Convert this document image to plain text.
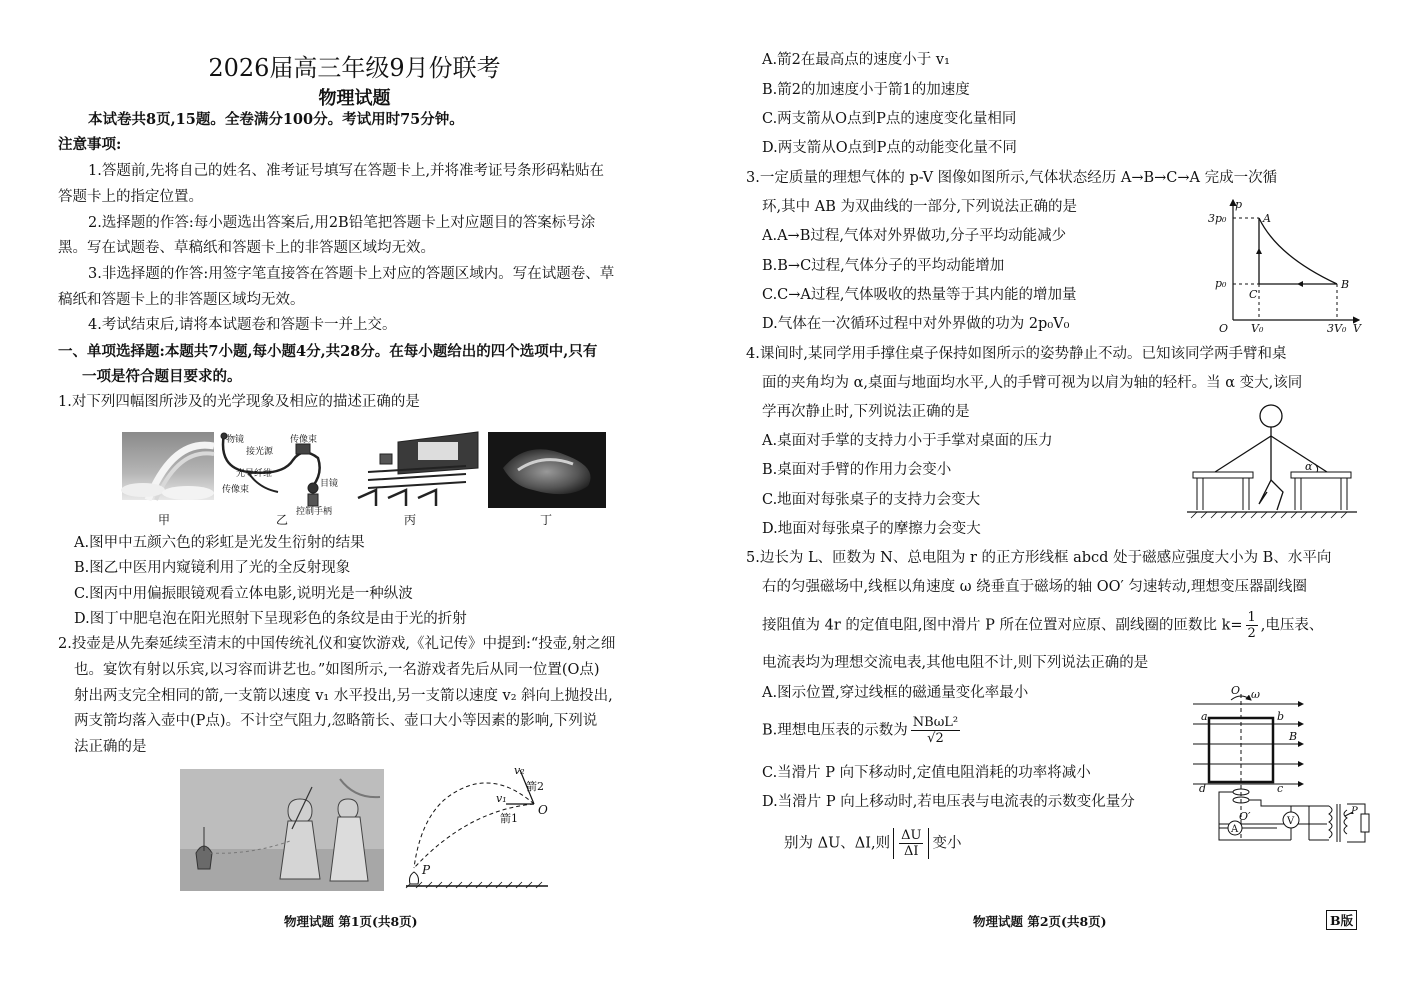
2026届高三年级9月份联考
物理试题
本试卷共8页,15题。全卷满分100分。考试用时75分钟。
注意事项:
1.答题前,先将自己的姓名、准考证号填写在答题卡上,并将准考证号条形码粘贴在
答题卡上的指定位置。
2.选择题的作答:每小题选出答案后,用2B铅笔把答题卡上对应题目的答案标号涂
黑。写在试题卷、草稿纸和答题卡上的非答题区域均无效。
3.非选择题的作答:用签字笔直接答在答题卡上对应的答题区域内。写在试题卷、草
稿纸和答题卡上的非答题区域均无效。
4.考试结束后,请将本试题卷和答题卡一并上交。
一、单项选择题:本题共7小题,每小题4分,共28分。在每小题给出的四个选项中,只有
一项是符合题目要求的。
1.对下列四幅图所涉及的光学现象及相应的描述正确的是
物镜
接光源
光导纤维
传像束
传像束
目镜
控制手柄
甲	乙	丙	丁
A.图甲中五颜六色的彩虹是光发生衍射的结果
B.图乙中医用内窥镜利用了光的全反射现象
C.图丙中用偏振眼镜观看立体电影,说明光是一种纵波
D.图丁中肥皂泡在阳光照射下呈现彩色的条纹是由于光的折射
2.投壶是从先秦延续至清末的中国传统礼仪和宴饮游戏,《礼记传》中提到:“投壶,射之细
也。宴饮有射以乐宾,以习容而讲艺也。”如图所示,一名游戏者先后从同一位置(O点)
射出两支完全相同的箭,一支箭以速度 v₁ 水平投出,另一支箭以速度 v₂ 斜向上抛投出,
两支箭均落入壶中(P点)。不计空气阻力,忽略箭长、壶口大小等因素的影响,下列说
法正确的是
v₂
箭2
v₁
O
箭1
P
物理试题 第1页(共8页)
A.箭2在最高点的速度小于 v₁
B.箭2的加速度小于箭1的加速度
C.两支箭从O点到P点的速度变化量相同
D.两支箭从O点到P点的动能变化量不同
3.一定质量的理想气体的 p-V 图像如图所示,气体状态经历 A→B→C→A 完成一次循
环,其中 AB 为双曲线的一部分,下列说法正确的是
A.A→B过程,气体对外界做功,分子平均动能减少
B.B→C过程,气体分子的平均动能增加
C.C→A过程,气体吸收的热量等于其内能的增加量
D.气体在一次循环过程中对外界做的功为 2p₀V₀
p
V
O
3p₀
p₀
V₀	3V₀
A
B
C
4.课间时,某同学用手撑住桌子保持如图所示的姿势静止不动。已知该同学两手臂和桌
面的夹角均为 α,桌面与地面均水平,人的手臂可视为以肩为轴的轻杆。当 α 变大,该同
学再次静止时,下列说法正确的是
A.桌面对手掌的支持力小于手掌对桌面的压力
B.桌面对手臂的作用力会变小
C.地面对每张桌子的支持力会变大
D.地面对每张桌子的摩擦力会变大
α
5.边长为 L、匝数为 N、总电阻为 r 的正方形线框 abcd 处于磁感应强度大小为 B、水平向
右的匀强磁场中,线框以角速度 ω 绕垂直于磁场的轴 OO′ 匀速转动,理想变压器副线圈
接阻值为 4r 的定值电阻,图中滑片 P 所在位置对应原、副线圈的匝数比 $k= \frac{1}{2}$ ,电压表、
电流表均为理想交流电表,其他电阻不计,则下列说法正确的是
A.图示位置,穿过线框的磁通量变化率最小
B.理想电压表的示数为 $\frac{\text{NBωL²}}{√2}$
C.当滑片 P 向下移动时,定值电阻消耗的功率将减小
D.当滑片 P 向上移动时,若电压表与电流表的示数变化量分
别为 ΔU、ΔI,则 $\frac{\Delta U}{\Delta I}$ 变小
O ω
a	b
B
d	c
O′	V
A
P
物理试题 第2页(共8页)	B版
